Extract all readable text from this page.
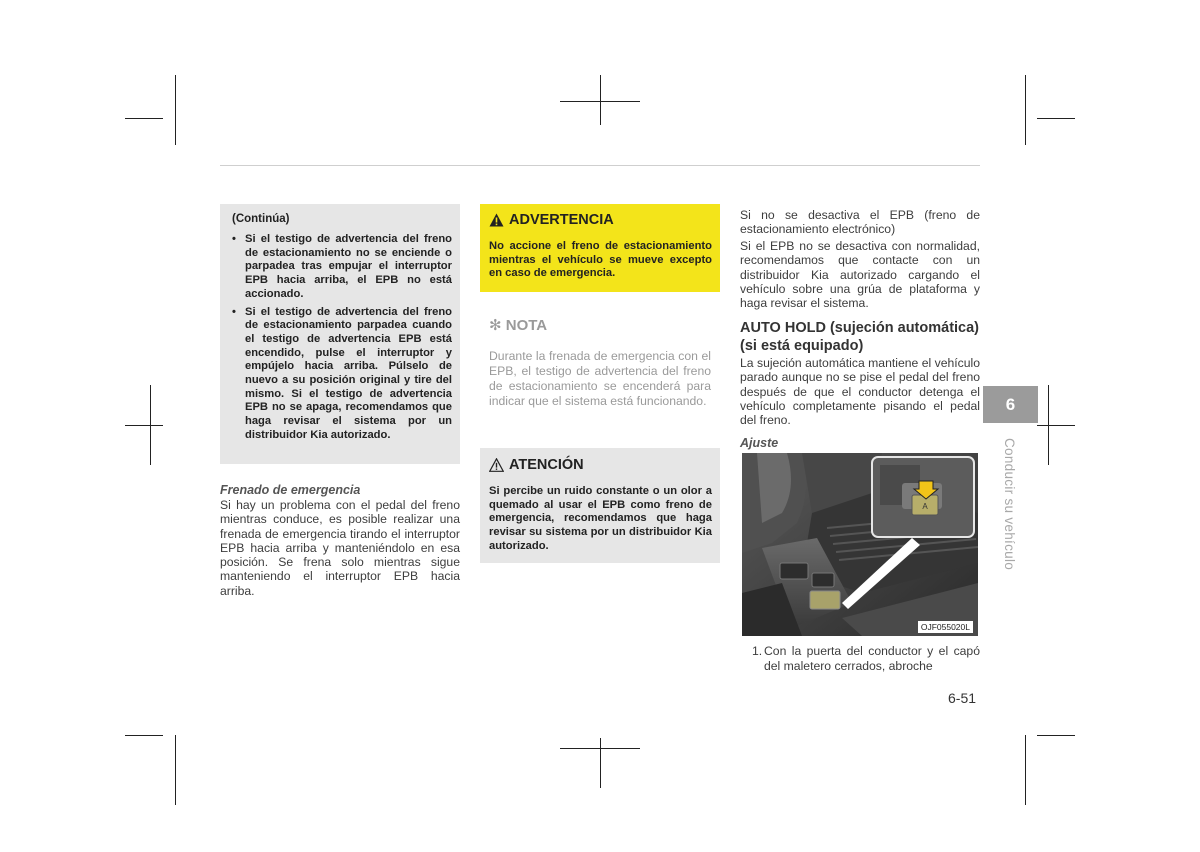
(Continúa)
• Si el testigo de advertencia del freno de estacionamiento no se enciende o parpadea tras empujar el interruptor EPB hacia arriba, el EPB no está accionado.
• Si el testigo de advertencia del freno de estacionamiento parpadea cuando el testigo de advertencia EPB está encendido, pulse el interruptor y empújelo hacia arriba. Púlselo de nuevo a su posición original y tire del mismo. Si el testigo de advertencia EPB no se apaga, recomendamos que haga revisar el sistema por un distribuidor Kia autorizado.
Frenado de emergencia
Si hay un problema con el pedal del freno mientras conduce, es posible realizar una frenada de emergencia tirando el interruptor EPB hacia arriba y manteniéndolo en esa posición. Se frena solo mientras sigue manteniendo el interruptor EPB hacia arriba.
ADVERTENCIA
No accione el freno de estacionamiento mientras el vehículo se mueve excepto en caso de emergencia.
✻ NOTA
Durante la frenada de emergencia con el EPB, el testigo de advertencia del freno de estacionamiento se encenderá para indicar que el sistema está funcionando.
ATENCIÓN
Si percibe un ruido constante o un olor a quemado al usar el EPB como freno de emergencia, recomendamos que haga revisar su sistema por un distribuidor Kia autorizado.
Si no se desactiva el EPB (freno de estacionamiento electrónico)
Si el EPB no se desactiva con normalidad, recomendamos que contacte con un distribuidor Kia autorizado cargando el vehículo sobre una grúa de plataforma y haga revisar el sistema.
AUTO HOLD (sujeción automática) (si está equipado)
La sujeción automática mantiene el vehículo parado aunque no se pise el pedal del freno después de que el conductor detenga el vehículo completamente pisando el pedal del freno.
Ajuste
A
OJF055020L
1. Con la puerta del conductor y el capó del maletero cerrados, abroche
6
Conducir su vehículo
6-51
